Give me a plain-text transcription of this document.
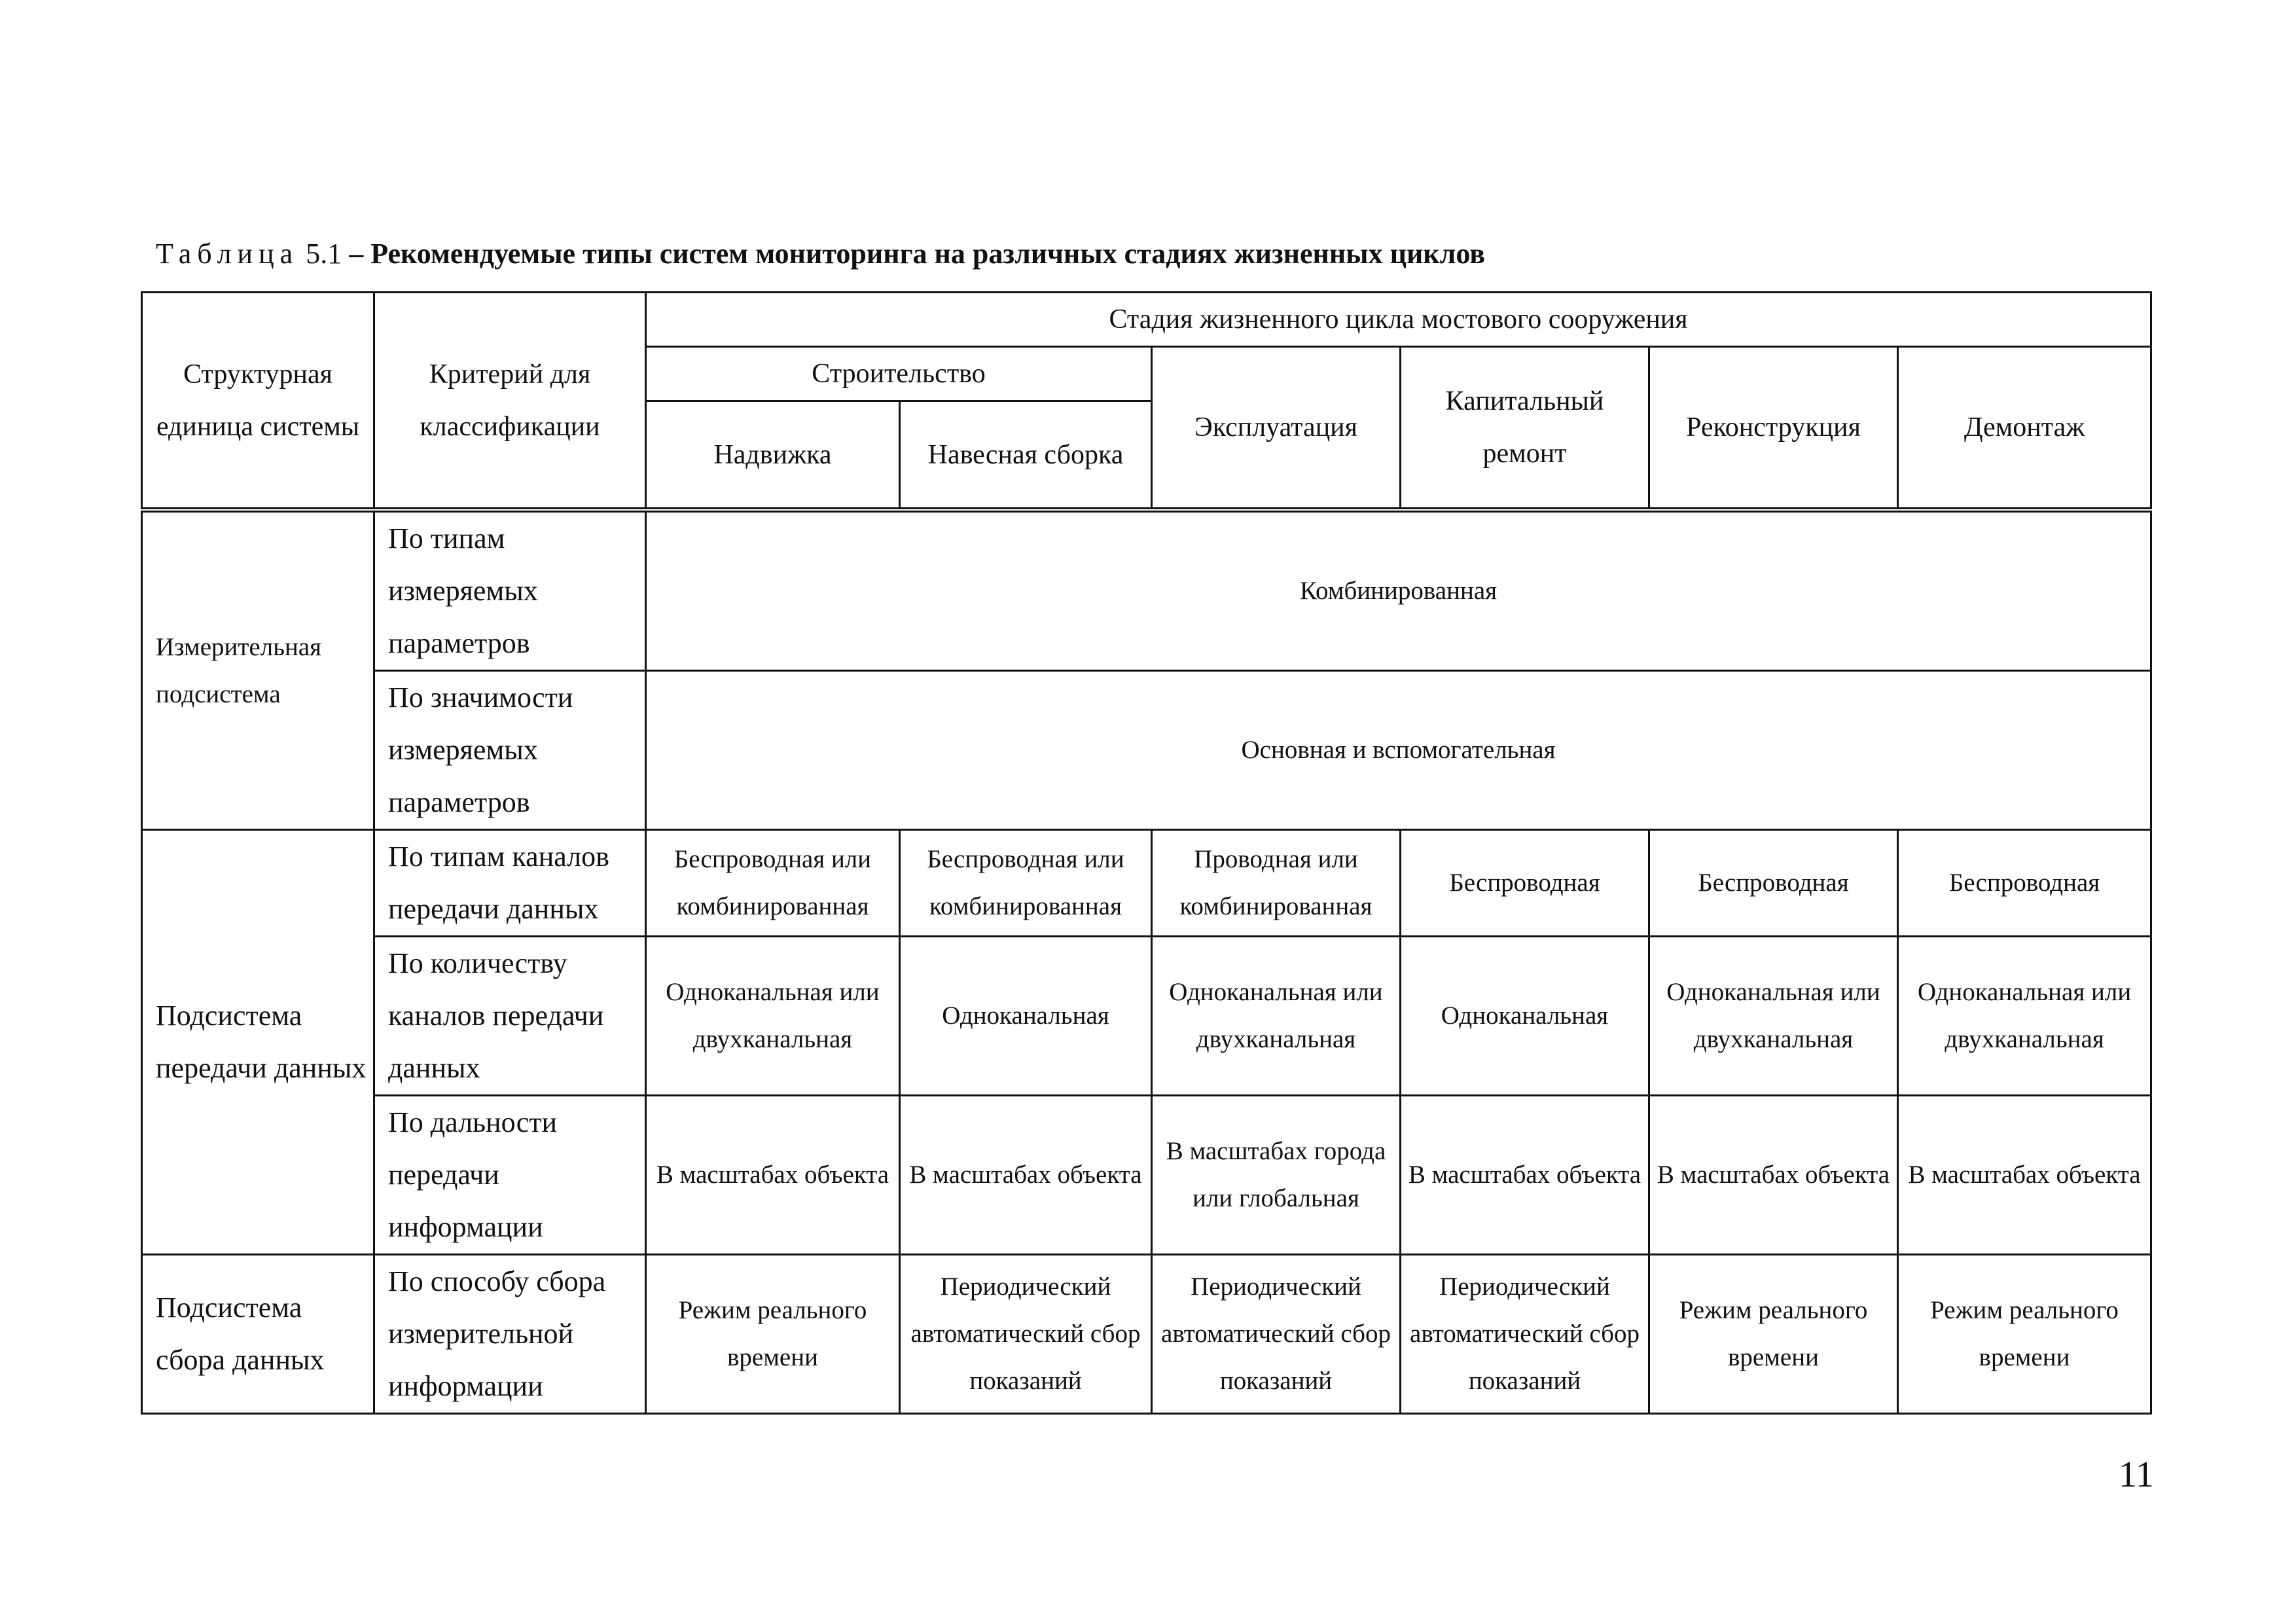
Таблица 5.1 – Рекомендуемые типы систем мониторинга на различных стадиях жизненных циклов
Структурная единица системы	Критерий для классификации	Стадия жизненного цикла мостового сооружения					
		Строительство		Эксплуатация	Капитальный ремонт	Реконструкция	Демонтаж
		Надвижка	Навесная сборка				
Измерительная подсистема	По типам измеряемых параметров	Комбинированная					
	По значимости измеряемых параметров	Основная и вспомогательная					
Подсистема передачи данных	По типам каналов передачи данных	Беспроводная или комбинированная	Беспроводная или комбинированная	Проводная или комбинированная	Беспроводная	Беспроводная	Беспроводная
	По количеству каналов передачи данных	Одноканальная или двухканальная	Одноканальная	Одноканальная или двухканальная	Одноканальная	Одноканальная или двухканальная	Одноканальная или двухканальная
	По дальности передачи информации	В масштабах объекта	В масштабах объекта	В масштабах города или глобальная	В масштабах объекта	В масштабах объекта	В масштабах объекта
Подсистема сбора данных	По способу сбора измерительной информации	Режим реального времени	Периодический автоматический сбор показаний	Периодический автоматический сбор показаний	Периодический автоматический сбор показаний	Режим реального времени	Режим реального времени
11
